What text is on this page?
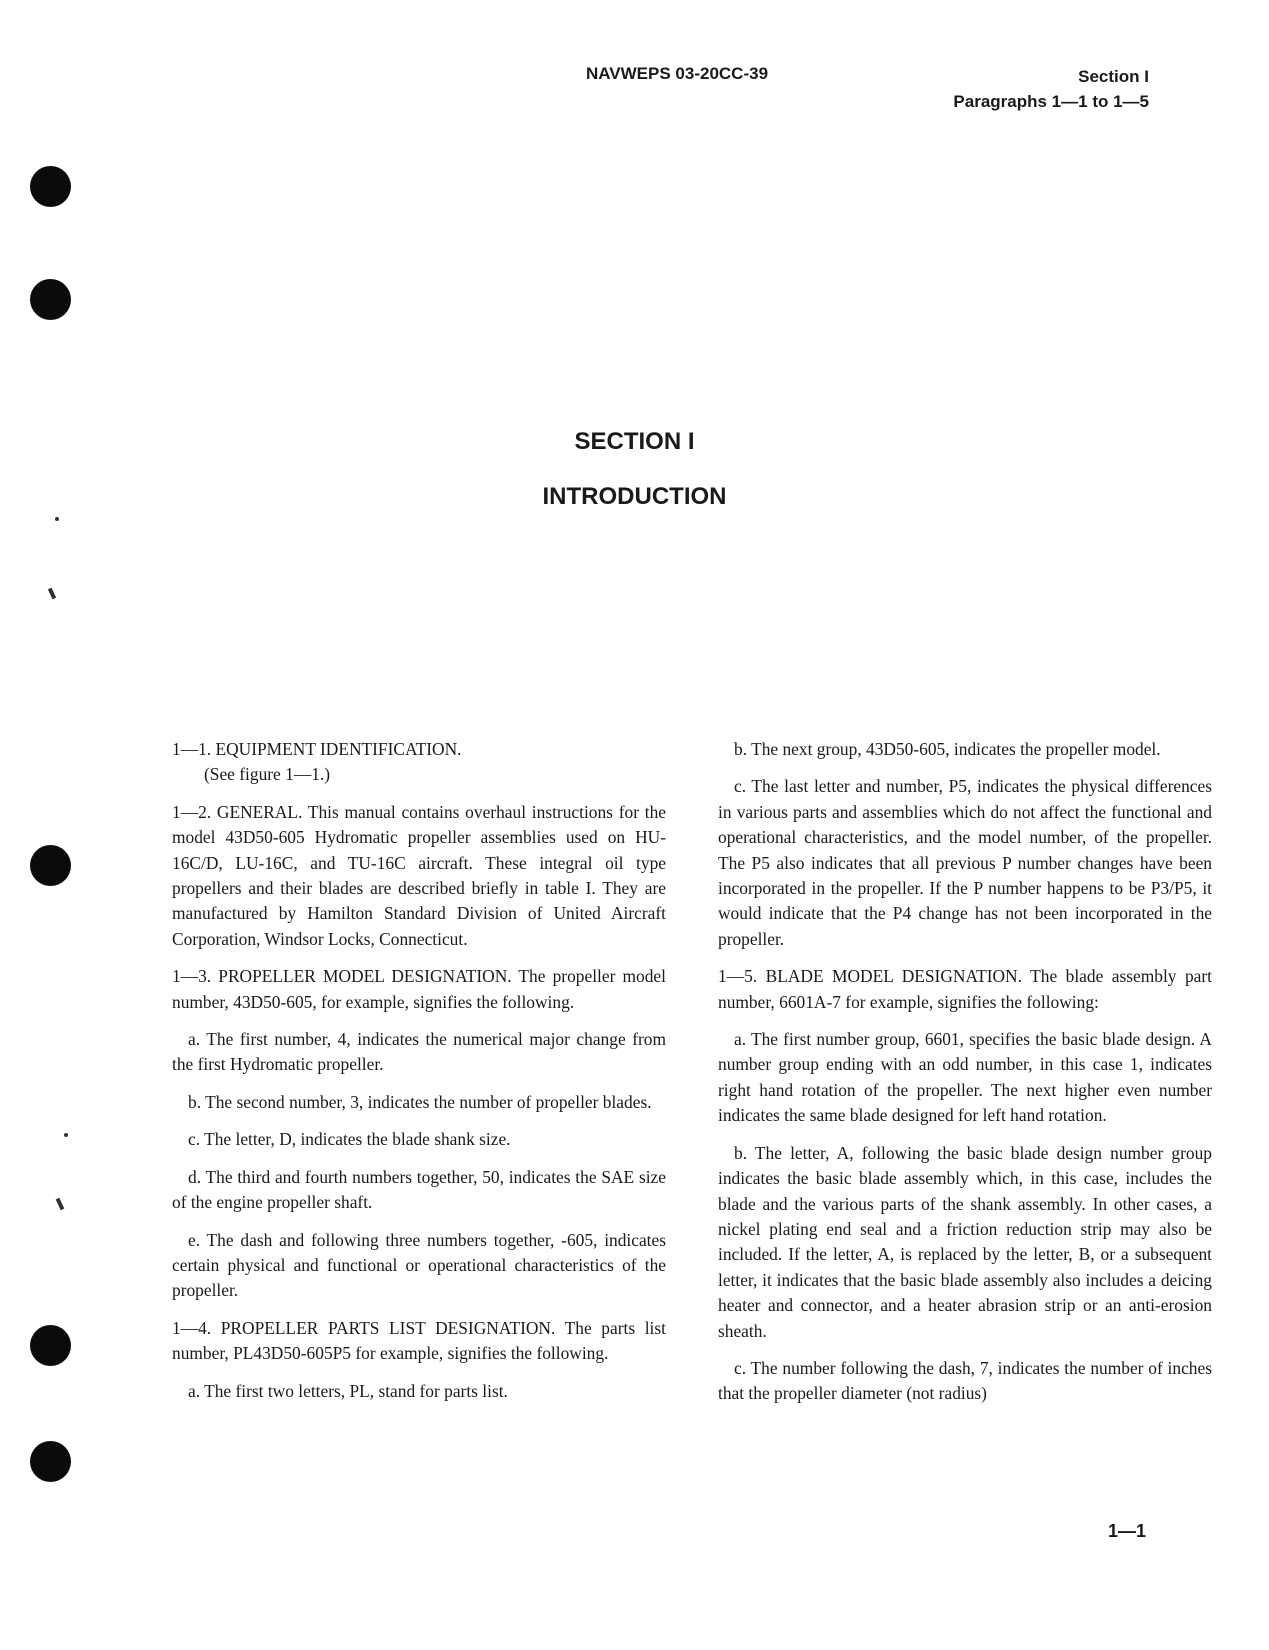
NAVWEPS 03-20CC-39	Section I
Paragraphs 1—1 to 1—5
SECTION I
INTRODUCTION

1—1. EQUIPMENT IDENTIFICATION.
(See figure 1—1.)

1—2. GENERAL. This manual contains overhaul instructions for the model 43D50-605 Hydromatic propeller assemblies used on HU-16C/D, LU-16C, and TU-16C aircraft. These integral oil type propellers and their blades are described briefly in table I. They are manufactured by Hamilton Standard Division of United Aircraft Corporation, Windsor Locks, Connecticut.

1—3. PROPELLER MODEL DESIGNATION. The propeller model number, 43D50-605, for example, signifies the following.

a. The first number, 4, indicates the numerical major change from the first Hydromatic propeller.

b. The second number, 3, indicates the number of propeller blades.

c. The letter, D, indicates the blade shank size.

d. The third and fourth numbers together, 50, indicates the SAE size of the engine propeller shaft.

e. The dash and following three numbers together, -605, indicates certain physical and functional or operational characteristics of the propeller.

1—4. PROPELLER PARTS LIST DESIGNATION. The parts list number, PL43D50-605P5 for example, signifies the following.

a. The first two letters, PL, stand for parts list.

b. The next group, 43D50-605, indicates the propeller model.

c. The last letter and number, P5, indicates the physical differences in various parts and assemblies which do not affect the functional and operational characteristics, and the model number, of the propeller. The P5 also indicates that all previous P number changes have been incorporated in the propeller. If the P number happens to be P3/P5, it would indicate that the P4 change has not been incorporated in the propeller.

1—5. BLADE MODEL DESIGNATION. The blade assembly part number, 6601A-7 for example, signifies the following:

a. The first number group, 6601, specifies the basic blade design. A number group ending with an odd number, in this case 1, indicates right hand rotation of the propeller. The next higher even number indicates the same blade designed for left hand rotation.

b. The letter, A, following the basic blade design number group indicates the basic blade assembly which, in this case, includes the blade and the various parts of the shank assembly. In other cases, a nickel plating end seal and a friction reduction strip may also be included. If the letter, A, is replaced by the letter, B, or a subsequent letter, it indicates that the basic blade assembly also includes a deicing heater and connector, and a heater abrasion strip or an anti-erosion sheath.

c. The number following the dash, 7, indicates the number of inches that the propeller diameter (not radius)

1—1
